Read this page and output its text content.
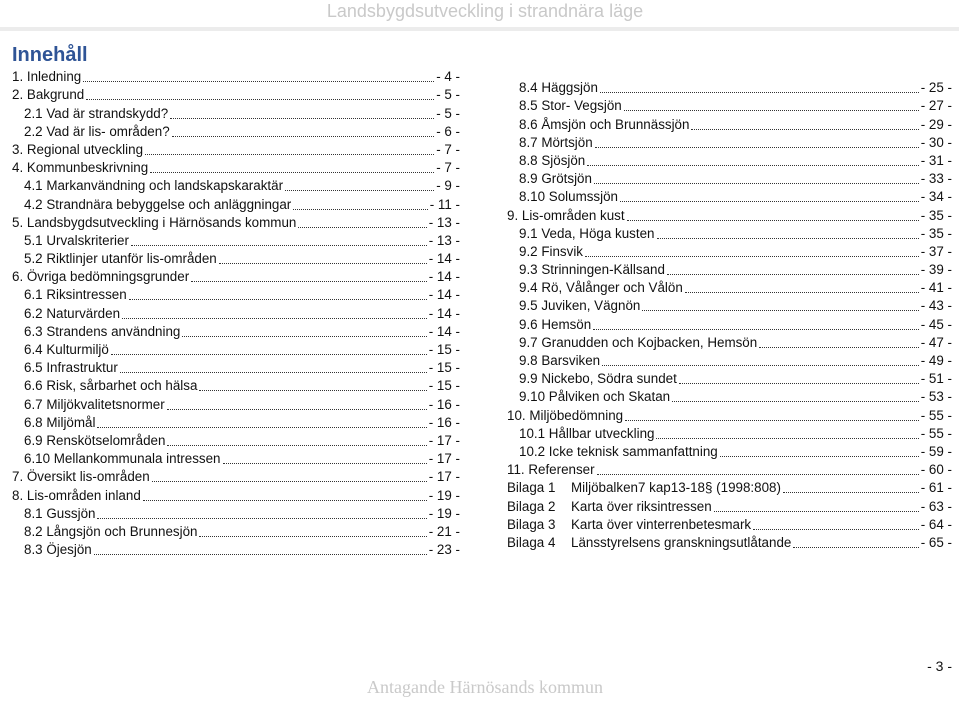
Landsbygdsutveckling i strandnära läge
Innehåll
1. Inledning	- 4 -
2. Bakgrund	- 5 -
2.1 Vad är strandskydd?	- 5 -
2.2 Vad är lis- områden?	- 6 -
3. Regional utveckling	- 7 -
4. Kommunbeskrivning	- 7 -
4.1 Markanvändning och landskapskaraktär	- 9 -
4.2 Strandnära bebyggelse och anläggningar	- 11 -
5. Landsbygdsutveckling i Härnösands kommun	- 13 -
5.1 Urvalskriterier	- 13 -
5.2 Riktlinjer utanför lis-områden	- 14 -
6. Övriga bedömningsgrunder	- 14 -
6.1 Riksintressen	- 14 -
6.2 Naturvärden	- 14 -
6.3 Strandens användning	- 14 -
6.4 Kulturmiljö	- 15 -
6.5 Infrastruktur	- 15 -
6.6 Risk, sårbarhet och hälsa	- 15 -
6.7 Miljökvalitetsnormer	- 16 -
6.8 Miljömål	- 16 -
6.9 Renskötselområden	- 17 -
6.10 Mellankommunala intressen	- 17 -
7. Översikt lis-områden	- 17 -
8. Lis-områden inland	- 19 -
8.1 Gussjön	- 19 -
8.2 Långsjön och Brunnesjön	- 21 -
8.3 Öjesjön	- 23 -
8.4 Häggsjön	- 25 -
8.5 Stor- Vegsjön	- 27 -
8.6 Åmsjön och Brunnässjön	- 29 -
8.7 Mörtsjön	- 30 -
8.8 Sjösjön	- 31 -
8.9 Grötsjön	- 33 -
8.10 Solumssjön	- 34 -
9. Lis-områden kust	- 35 -
9.1 Veda, Höga kusten	- 35 -
9.2 Finsvik	- 37 -
9.3 Strinningen-Källsand	- 39 -
9.4 Rö, Vålånger och Vålön	- 41 -
9.5 Juviken, Vägnön	- 43 -
9.6 Hemsön	- 45 -
9.7 Granudden och Kojbacken, Hemsön	- 47 -
9.8 Barsviken	- 49 -
9.9 Nickebo, Södra sundet	- 51 -
9.10 Pålviken och Skatan	- 53 -
10. Miljöbedömning	- 55 -
10.1 Hållbar utveckling	- 55 -
10.2 Icke teknisk sammanfattning	- 59 -
11. Referenser	- 60 -
Bilaga 1 Miljöbalken7 kap13-18§ (1998:808)	- 61 -
Bilaga 2 Karta över riksintressen	- 63 -
Bilaga 3 Karta över vinterrenbetesmark	- 64 -
Bilaga 4 Länsstyrelsens granskningsutlåtande	- 65 -
- 3 -
Antagande Härnösands kommun
